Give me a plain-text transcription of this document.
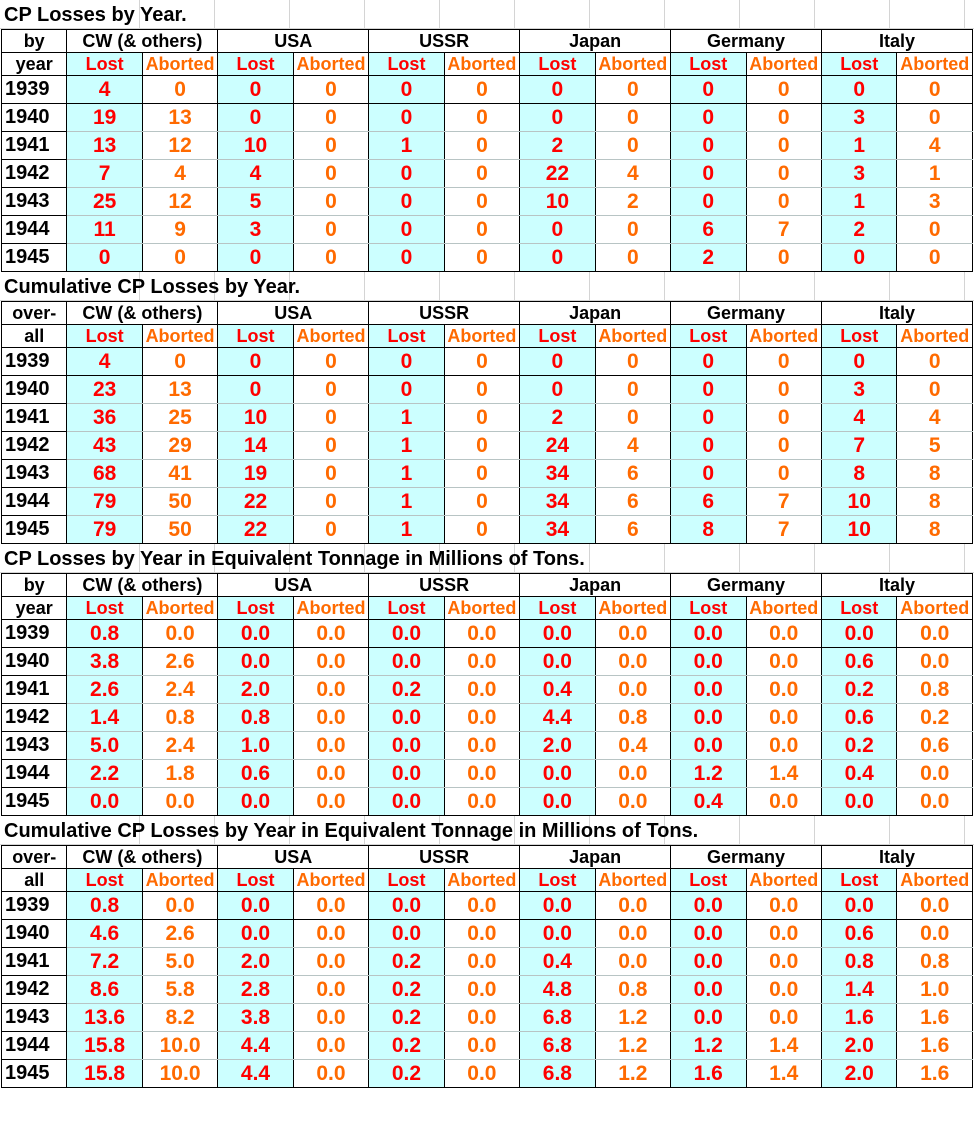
CP Losses by Year.
by	CW (& others)		USA		USSR		Japan		Germany		Italy	
year	Lost	Aborted	Lost	Aborted	Lost	Aborted	Lost	Aborted	Lost	Aborted	Lost	Aborted
1939	4	0	0	0	0	0	0	0	0	0	0	0
1940	19	13	0	0	0	0	0	0	0	0	3	0
1941	13	12	10	0	1	0	2	0	0	0	1	4
1942	7	4	4	0	0	0	22	4	0	0	3	1
1943	25	12	5	0	0	0	10	2	0	0	1	3
1944	11	9	3	0	0	0	0	0	6	7	2	0
1945	0	0	0	0	0	0	0	0	2	0	0	0
Cumulative CP Losses by Year.
over-	CW (& others)		USA		USSR		Japan		Germany		Italy	
all	Lost	Aborted	Lost	Aborted	Lost	Aborted	Lost	Aborted	Lost	Aborted	Lost	Aborted
1939	4	0	0	0	0	0	0	0	0	0	0	0
1940	23	13	0	0	0	0	0	0	0	0	3	0
1941	36	25	10	0	1	0	2	0	0	0	4	4
1942	43	29	14	0	1	0	24	4	0	0	7	5
1943	68	41	19	0	1	0	34	6	0	0	8	8
1944	79	50	22	0	1	0	34	6	6	7	10	8
1945	79	50	22	0	1	0	34	6	8	7	10	8
CP Losses by Year in Equivalent Tonnage in Millions of Tons.
by	CW (& others)		USA		USSR		Japan		Germany		Italy	
year	Lost	Aborted	Lost	Aborted	Lost	Aborted	Lost	Aborted	Lost	Aborted	Lost	Aborted
1939	0.8	0.0	0.0	0.0	0.0	0.0	0.0	0.0	0.0	0.0	0.0	0.0
1940	3.8	2.6	0.0	0.0	0.0	0.0	0.0	0.0	0.0	0.0	0.6	0.0
1941	2.6	2.4	2.0	0.0	0.2	0.0	0.4	0.0	0.0	0.0	0.2	0.8
1942	1.4	0.8	0.8	0.0	0.0	0.0	4.4	0.8	0.0	0.0	0.6	0.2
1943	5.0	2.4	1.0	0.0	0.0	0.0	2.0	0.4	0.0	0.0	0.2	0.6
1944	2.2	1.8	0.6	0.0	0.0	0.0	0.0	0.0	1.2	1.4	0.4	0.0
1945	0.0	0.0	0.0	0.0	0.0	0.0	0.0	0.0	0.4	0.0	0.0	0.0
Cumulative CP Losses by Year in Equivalent Tonnage in Millions of Tons.
over-	CW (& others)		USA		USSR		Japan		Germany		Italy	
all	Lost	Aborted	Lost	Aborted	Lost	Aborted	Lost	Aborted	Lost	Aborted	Lost	Aborted
1939	0.8	0.0	0.0	0.0	0.0	0.0	0.0	0.0	0.0	0.0	0.0	0.0
1940	4.6	2.6	0.0	0.0	0.0	0.0	0.0	0.0	0.0	0.0	0.6	0.0
1941	7.2	5.0	2.0	0.0	0.2	0.0	0.4	0.0	0.0	0.0	0.8	0.8
1942	8.6	5.8	2.8	0.0	0.2	0.0	4.8	0.8	0.0	0.0	1.4	1.0
1943	13.6	8.2	3.8	0.0	0.2	0.0	6.8	1.2	0.0	0.0	1.6	1.6
1944	15.8	10.0	4.4	0.0	0.2	0.0	6.8	1.2	1.2	1.4	2.0	1.6
1945	15.8	10.0	4.4	0.0	0.2	0.0	6.8	1.2	1.6	1.4	2.0	1.6
